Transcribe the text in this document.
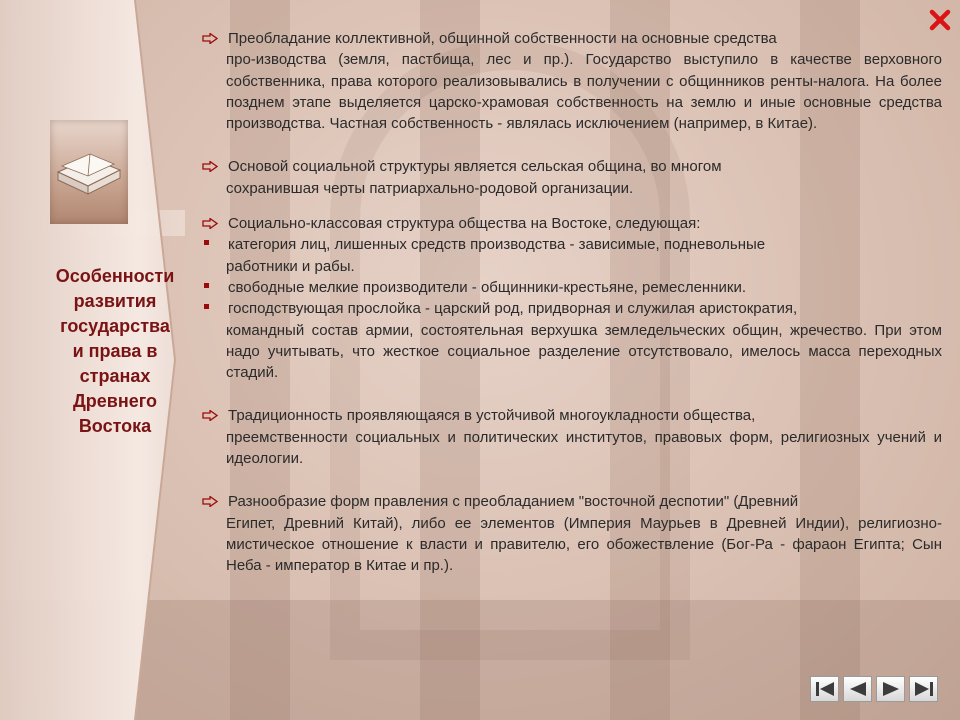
Особенности
развития
государства
и права в
странах
Древнего
Востока
Преобладание коллективной, общинной собственности на основные средства
про-изводства (земля, пастбища, лес и пр.). Государство выступило в качестве верховного собственника, права которого реализовывались в получении с общинников ренты-налога. На более позднем этапе выделяется царско-храмовая собственность на землю и иные основные средства производства. Частная собственность - являлась исключением (например, в Китае).
Основой социальной структуры является сельская община, во многом
сохранившая черты патриархально-родовой организации.
Социально-классовая структура общества на Востоке, следующая:
категория лиц, лишенных средств производства - зависимые, подневольные
работники и рабы.
свободные мелкие производители - общинники-крестьяне, ремесленники.
господствующая прослойка - царский род, придворная и служилая аристократия,
командный состав армии, состоятельная верхушка земледельческих общин, жречество. При этом надо учитывать, что жесткое социальное разделение отсутствовало, имелось масса переходных стадий.
Традиционность проявляющаяся в устойчивой многоукладности общества,
преемственности социальных и политических институтов, правовых форм, религиозных учений и идеологии.
Разнообразие форм правления с преобладанием "восточной деспотии" (Древний
Египет, Древний Китай), либо ее элементов (Империя Маурьев в Древней Индии), религиозно-мистическое отношение к власти и правителю, его обожествление (Бог-Ра - фараон Египта; Сын Неба - император в Китае и пр.).
